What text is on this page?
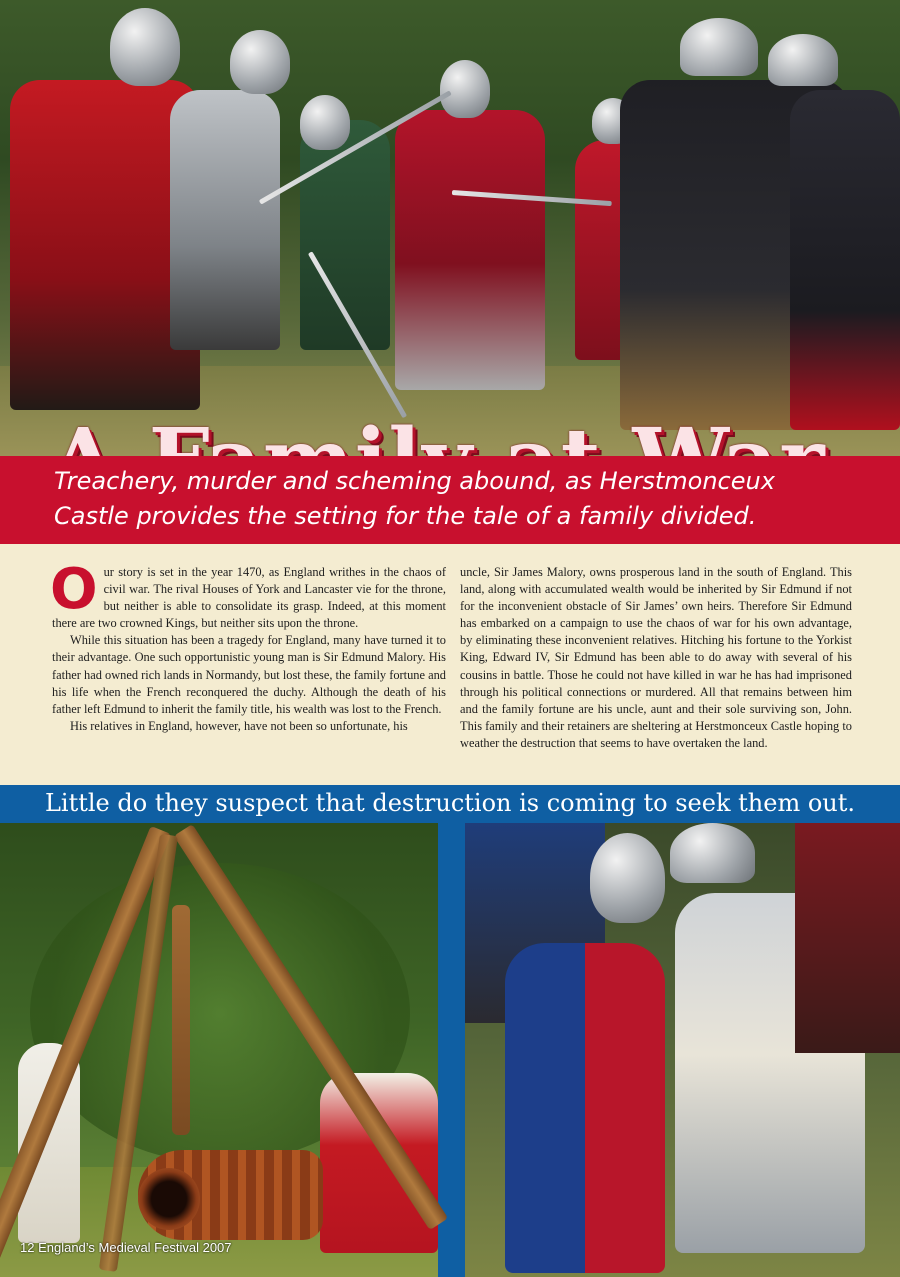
Treachery, murder and scheming abound, as Herstmonceux Castle provides the setting for the tale of a family divided.

Our story is set in the year 1470, as England writhes in the chaos of civil war. The rival Houses of York and Lancaster vie for the throne, but neither is able to consolidate its grasp. Indeed, at this moment there are two crowned Kings, but neither sits upon the throne.

While this situation has been a tragedy for England, many have turned it to their advantage. One such opportunistic young man is Sir Edmund Malory. His father had owned rich lands in Normandy, but lost these, the family fortune and his life when the French reconquered the duchy. Although the death of his father left Edmund to inherit the family title, his wealth was lost to the French.

His relatives in England, however, have not been so unfortunate, his

uncle, Sir James Malory, owns prosperous land in the south of England. This land, along with accumulated wealth would be inherited by Sir Edmund if not for the inconvenient obstacle of Sir James’ own heirs. Therefore Sir Edmund has embarked on a campaign to use the chaos of war for his own advantage, by eliminating these inconvenient relatives. Hitching his fortune to the Yorkist King, Edward IV, Sir Edmund has been able to do away with several of his cousins in battle. Those he could not have killed in war he has had imprisoned through his political connections or murdered. All that remains between him and the family fortune are his uncle, aunt and their sole surviving son, John. This family and their retainers are sheltering at Herstmonceux Castle hoping to weather the destruction that seems to have overtaken the land.

Little do they suspect that destruction is coming to seek them out.

12 England’s Medieval Festival 2007
